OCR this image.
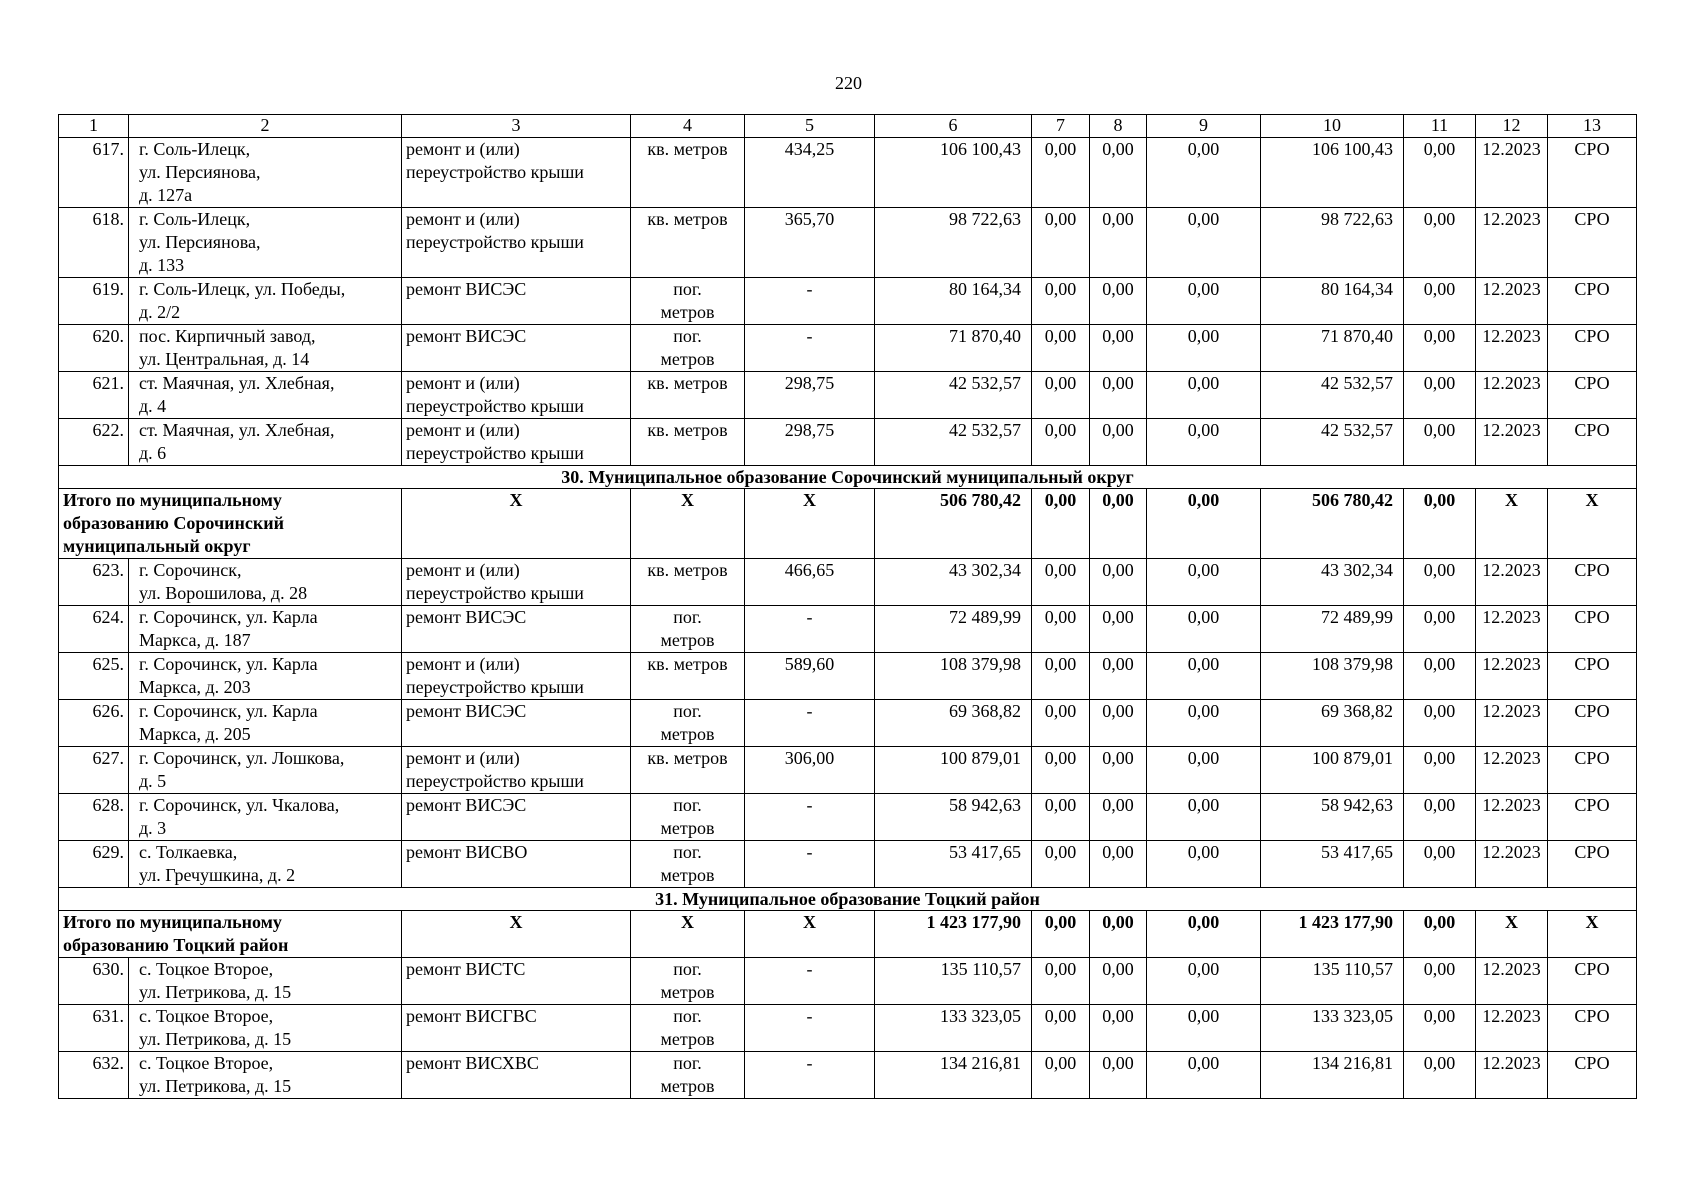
220
1	2	3	4	5	6	7	8	9	10	11	12	13
617.	г. Соль-Илецк,
ул. Персиянова,
д. 127а	ремонт и (или)
переустройство крыши	кв. метров	434,25	106 100,43	0,00	0,00	0,00	106 100,43	0,00	12.2023	СРО
618.	г. Соль-Илецк,
ул. Персиянова,
д. 133	ремонт и (или)
переустройство крыши	кв. метров	365,70	98 722,63	0,00	0,00	0,00	98 722,63	0,00	12.2023	СРО
619.	г. Соль-Илецк, ул. Победы,
д. 2/2	ремонт ВИСЭС	пог.
метров	-	80 164,34	0,00	0,00	0,00	80 164,34	0,00	12.2023	СРО
620.	пос. Кирпичный завод,
ул. Центральная, д. 14	ремонт ВИСЭС	пог.
метров	-	71 870,40	0,00	0,00	0,00	71 870,40	0,00	12.2023	СРО
621.	ст. Маячная, ул. Хлебная,
д. 4	ремонт и (или)
переустройство крыши	кв. метров	298,75	42 532,57	0,00	0,00	0,00	42 532,57	0,00	12.2023	СРО
622.	ст. Маячная, ул. Хлебная,
д. 6	ремонт и (или)
переустройство крыши	кв. метров	298,75	42 532,57	0,00	0,00	0,00	42 532,57	0,00	12.2023	СРО
30. Муниципальное образование Сорочинский муниципальный округ												
Итого по муниципальному
образованию Сорочинский
муниципальный округ		Х	Х	Х	506 780,42	0,00	0,00	0,00	506 780,42	0,00	Х	Х
623.	г. Сорочинск,
ул. Ворошилова, д. 28	ремонт и (или)
переустройство крыши	кв. метров	466,65	43 302,34	0,00	0,00	0,00	43 302,34	0,00	12.2023	СРО
624.	г. Сорочинск, ул. Карла
Маркса, д. 187	ремонт ВИСЭС	пог.
метров	-	72 489,99	0,00	0,00	0,00	72 489,99	0,00	12.2023	СРО
625.	г. Сорочинск, ул. Карла
Маркса, д. 203	ремонт и (или)
переустройство крыши	кв. метров	589,60	108 379,98	0,00	0,00	0,00	108 379,98	0,00	12.2023	СРО
626.	г. Сорочинск, ул. Карла
Маркса, д. 205	ремонт ВИСЭС	пог.
метров	-	69 368,82	0,00	0,00	0,00	69 368,82	0,00	12.2023	СРО
627.	г. Сорочинск, ул. Лошкова,
д. 5	ремонт и (или)
переустройство крыши	кв. метров	306,00	100 879,01	0,00	0,00	0,00	100 879,01	0,00	12.2023	СРО
628.	г. Сорочинск, ул. Чкалова,
д. 3	ремонт ВИСЭС	пог.
метров	-	58 942,63	0,00	0,00	0,00	58 942,63	0,00	12.2023	СРО
629.	с. Толкаевка,
ул. Гречушкина, д. 2	ремонт ВИСВО	пог.
метров	-	53 417,65	0,00	0,00	0,00	53 417,65	0,00	12.2023	СРО
31. Муниципальное образование Тоцкий район												
Итого по муниципальному
образованию Тоцкий район		Х	Х	Х	1 423 177,90	0,00	0,00	0,00	1 423 177,90	0,00	Х	Х
630.	с. Тоцкое Второе,
ул. Петрикова, д. 15	ремонт ВИСТС	пог.
метров	-	135 110,57	0,00	0,00	0,00	135 110,57	0,00	12.2023	СРО
631.	с. Тоцкое Второе,
ул. Петрикова, д. 15	ремонт ВИСГВС	пог.
метров	-	133 323,05	0,00	0,00	0,00	133 323,05	0,00	12.2023	СРО
632.	с. Тоцкое Второе,
ул. Петрикова, д. 15	ремонт ВИСХВС	пог.
метров	-	134 216,81	0,00	0,00	0,00	134 216,81	0,00	12.2023	СРО
